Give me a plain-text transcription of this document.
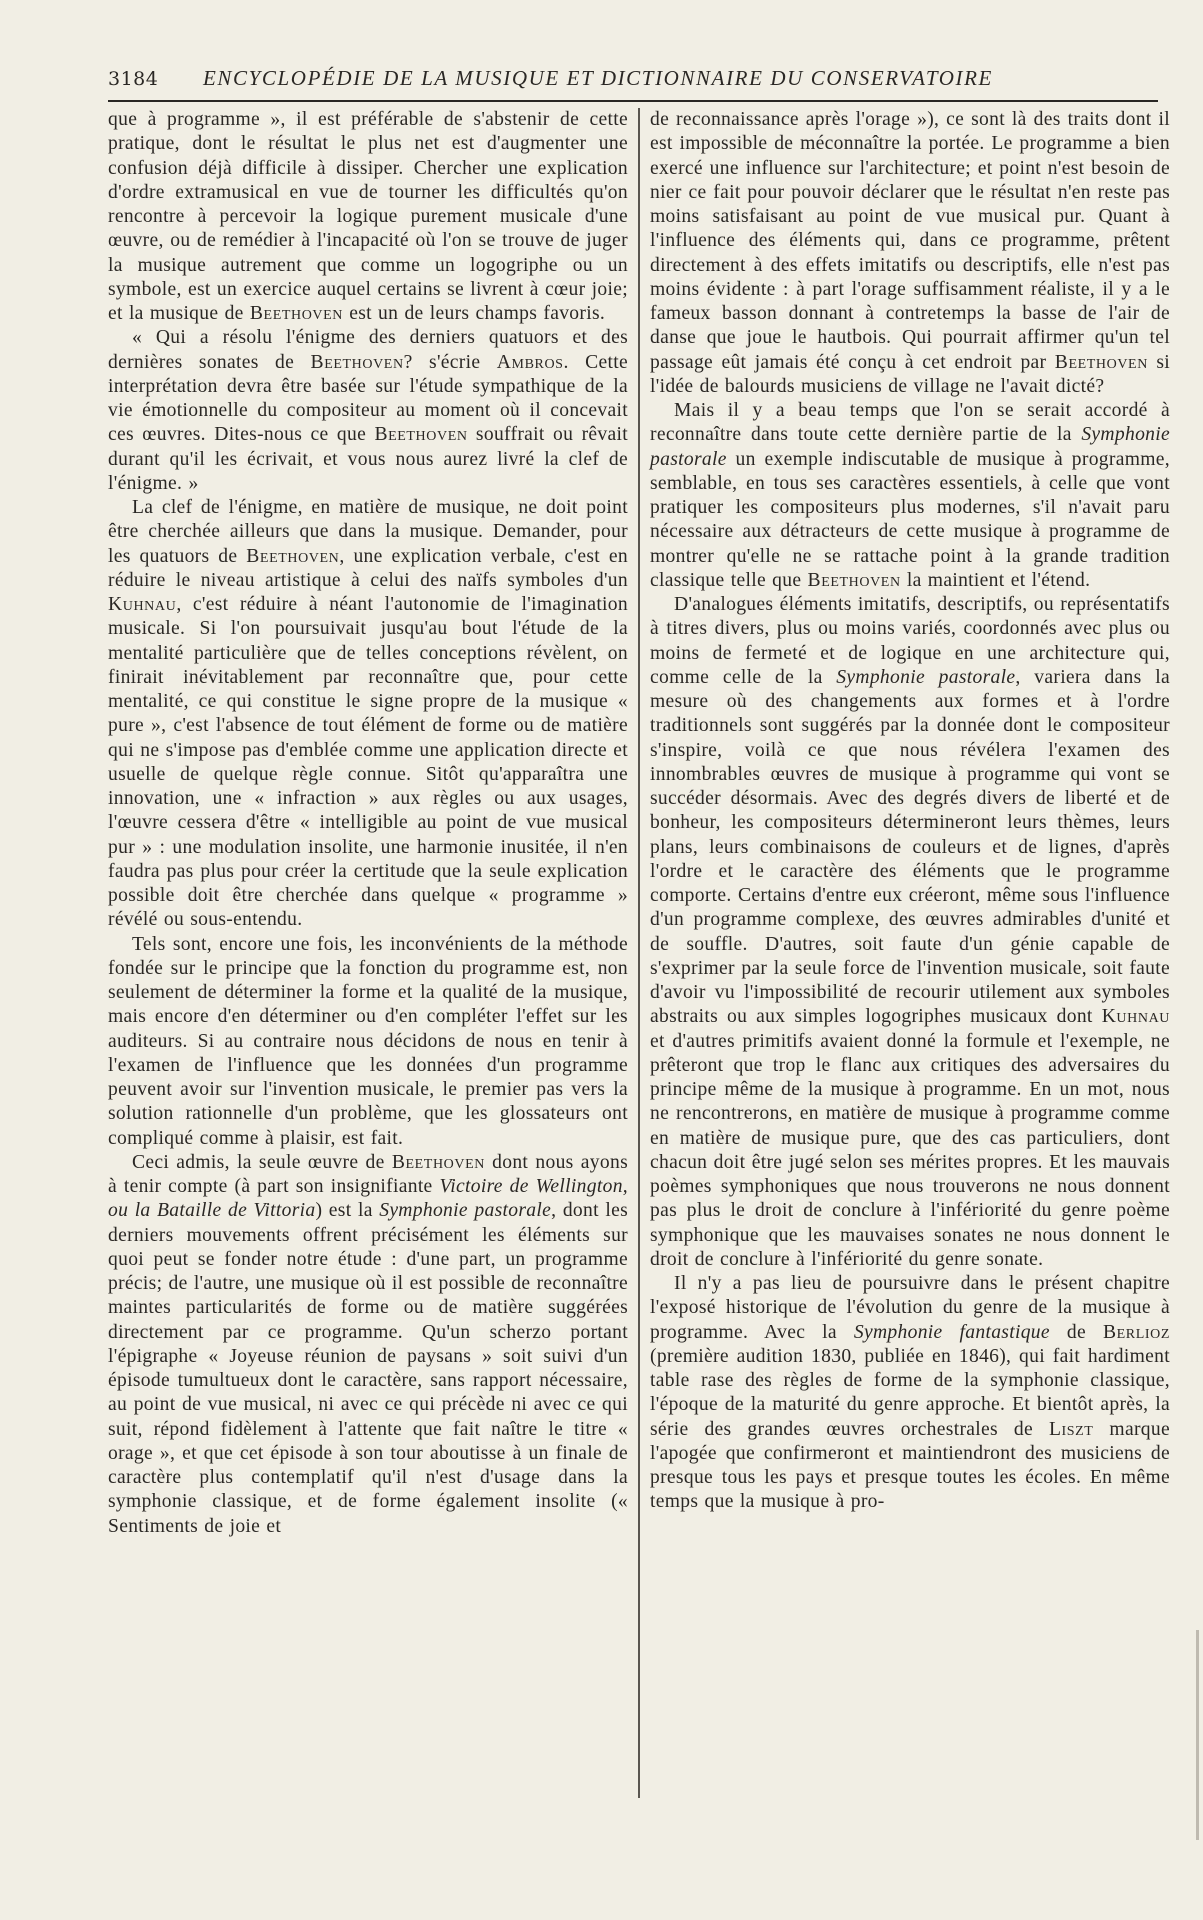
3184	ENCYCLOPÉDIE DE LA MUSIQUE ET DICTIONNAIRE DU CONSERVATOIRE

que à programme », il est préférable de s'abstenir de cette pratique, dont le résultat le plus net est d'augmenter une confusion déjà difficile à dissiper. Chercher une explication d'ordre extramusical en vue de tourner les difficultés qu'on rencontre à percevoir la logique purement musicale d'une œuvre, ou de remédier à l'incapacité où l'on se trouve de juger la musique autrement que comme un logogriphe ou un symbole, est un exercice auquel certains se livrent à cœur joie; et la musique de Beethoven est un de leurs champs favoris.

« Qui a résolu l'énigme des derniers quatuors et des dernières sonates de Beethoven? s'écrie Ambros. Cette interprétation devra être basée sur l'étude sympathique de la vie émotionnelle du compositeur au moment où il concevait ces œuvres. Dites-nous ce que Beethoven souffrait ou rêvait durant qu'il les écrivait, et vous nous aurez livré la clef de l'énigme. »

La clef de l'énigme, en matière de musique, ne doit point être cherchée ailleurs que dans la musique. Demander, pour les quatuors de Beethoven, une explication verbale, c'est en réduire le niveau artistique à celui des naïfs symboles d'un Kuhnau, c'est réduire à néant l'autonomie de l'imagination musicale. Si l'on poursuivait jusqu'au bout l'étude de la mentalité particulière que de telles conceptions révèlent, on finirait inévitablement par reconnaître que, pour cette mentalité, ce qui constitue le signe propre de la musique « pure », c'est l'absence de tout élément de forme ou de matière qui ne s'impose pas d'emblée comme une application directe et usuelle de quelque règle connue. Sitôt qu'apparaîtra une innovation, une « infraction » aux règles ou aux usages, l'œuvre cessera d'être « intelligible au point de vue musical pur » : une modulation insolite, une harmonie inusitée, il n'en faudra pas plus pour créer la certitude que la seule explication possible doit être cherchée dans quelque « programme » révélé ou sous-entendu.

Tels sont, encore une fois, les inconvénients de la méthode fondée sur le principe que la fonction du programme est, non seulement de déterminer la forme et la qualité de la musique, mais encore d'en déterminer ou d'en compléter l'effet sur les auditeurs. Si au contraire nous décidons de nous en tenir à l'examen de l'influence que les données d'un programme peuvent avoir sur l'invention musicale, le premier pas vers la solution rationnelle d'un problème, que les glossateurs ont compliqué comme à plaisir, est fait.

Ceci admis, la seule œuvre de Beethoven dont nous ayons à tenir compte (à part son insignifiante Victoire de Wellington, ou la Bataille de Vittoria) est la Symphonie pastorale, dont les derniers mouvements offrent précisément les éléments sur quoi peut se fonder notre étude : d'une part, un programme précis; de l'autre, une musique où il est possible de reconnaître maintes particularités de forme ou de matière suggérées directement par ce programme. Qu'un scherzo portant l'épigraphe « Joyeuse réunion de paysans » soit suivi d'un épisode tumultueux dont le caractère, sans rapport nécessaire, au point de vue musical, ni avec ce qui précède ni avec ce qui suit, répond fidèlement à l'attente que fait naître le titre « orage », et que cet épisode à son tour aboutisse à un finale de caractère plus contemplatif qu'il n'est d'usage dans la symphonie classique, et de forme également insolite (« Sentiments de joie et

de reconnaissance après l'orage »), ce sont là des traits dont il est impossible de méconnaître la portée. Le programme a bien exercé une influence sur l'architecture; et point n'est besoin de nier ce fait pour pouvoir déclarer que le résultat n'en reste pas moins satisfaisant au point de vue musical pur. Quant à l'influence des éléments qui, dans ce programme, prêtent directement à des effets imitatifs ou descriptifs, elle n'est pas moins évidente : à part l'orage suffisamment réaliste, il y a le fameux basson donnant à contretemps la basse de l'air de danse que joue le hautbois. Qui pourrait affirmer qu'un tel passage eût jamais été conçu à cet endroit par Beethoven si l'idée de balourds musiciens de village ne l'avait dicté?

Mais il y a beau temps que l'on se serait accordé à reconnaître dans toute cette dernière partie de la Symphonie pastorale un exemple indiscutable de musique à programme, semblable, en tous ses caractères essentiels, à celle que vont pratiquer les compositeurs plus modernes, s'il n'avait paru nécessaire aux détracteurs de cette musique à programme de montrer qu'elle ne se rattache point à la grande tradition classique telle que Beethoven la maintient et l'étend.

D'analogues éléments imitatifs, descriptifs, ou représentatifs à titres divers, plus ou moins variés, coordonnés avec plus ou moins de fermeté et de logique en une architecture qui, comme celle de la Symphonie pastorale, variera dans la mesure où des changements aux formes et à l'ordre traditionnels sont suggérés par la donnée dont le compositeur s'inspire, voilà ce que nous révélera l'examen des innombrables œuvres de musique à programme qui vont se succéder désormais. Avec des degrés divers de liberté et de bonheur, les compositeurs détermineront leurs thèmes, leurs plans, leurs combinaisons de couleurs et de lignes, d'après l'ordre et le caractère des éléments que le programme comporte. Certains d'entre eux créeront, même sous l'influence d'un programme complexe, des œuvres admirables d'unité et de souffle. D'autres, soit faute d'un génie capable de s'exprimer par la seule force de l'invention musicale, soit faute d'avoir vu l'impossibilité de recourir utilement aux symboles abstraits ou aux simples logogriphes musicaux dont Kuhnau et d'autres primitifs avaient donné la formule et l'exemple, ne prêteront que trop le flanc aux critiques des adversaires du principe même de la musique à programme. En un mot, nous ne rencontrerons, en matière de musique à programme comme en matière de musique pure, que des cas particuliers, dont chacun doit être jugé selon ses mérites propres. Et les mauvais poèmes symphoniques que nous trouverons ne nous donnent pas plus le droit de conclure à l'infériorité du genre poème symphonique que les mauvaises sonates ne nous donnent le droit de conclure à l'infériorité du genre sonate.

Il n'y a pas lieu de poursuivre dans le présent chapitre l'exposé historique de l'évolution du genre de la musique à programme. Avec la Symphonie fantastique de Berlioz (première audition 1830, publiée en 1846), qui fait hardiment table rase des règles de forme de la symphonie classique, l'époque de la maturité du genre approche. Et bientôt après, la série des grandes œuvres orchestrales de Liszt marque l'apogée que confirmeront et maintiendront des musiciens de presque tous les pays et presque toutes les écoles. En même temps que la musique à pro-
